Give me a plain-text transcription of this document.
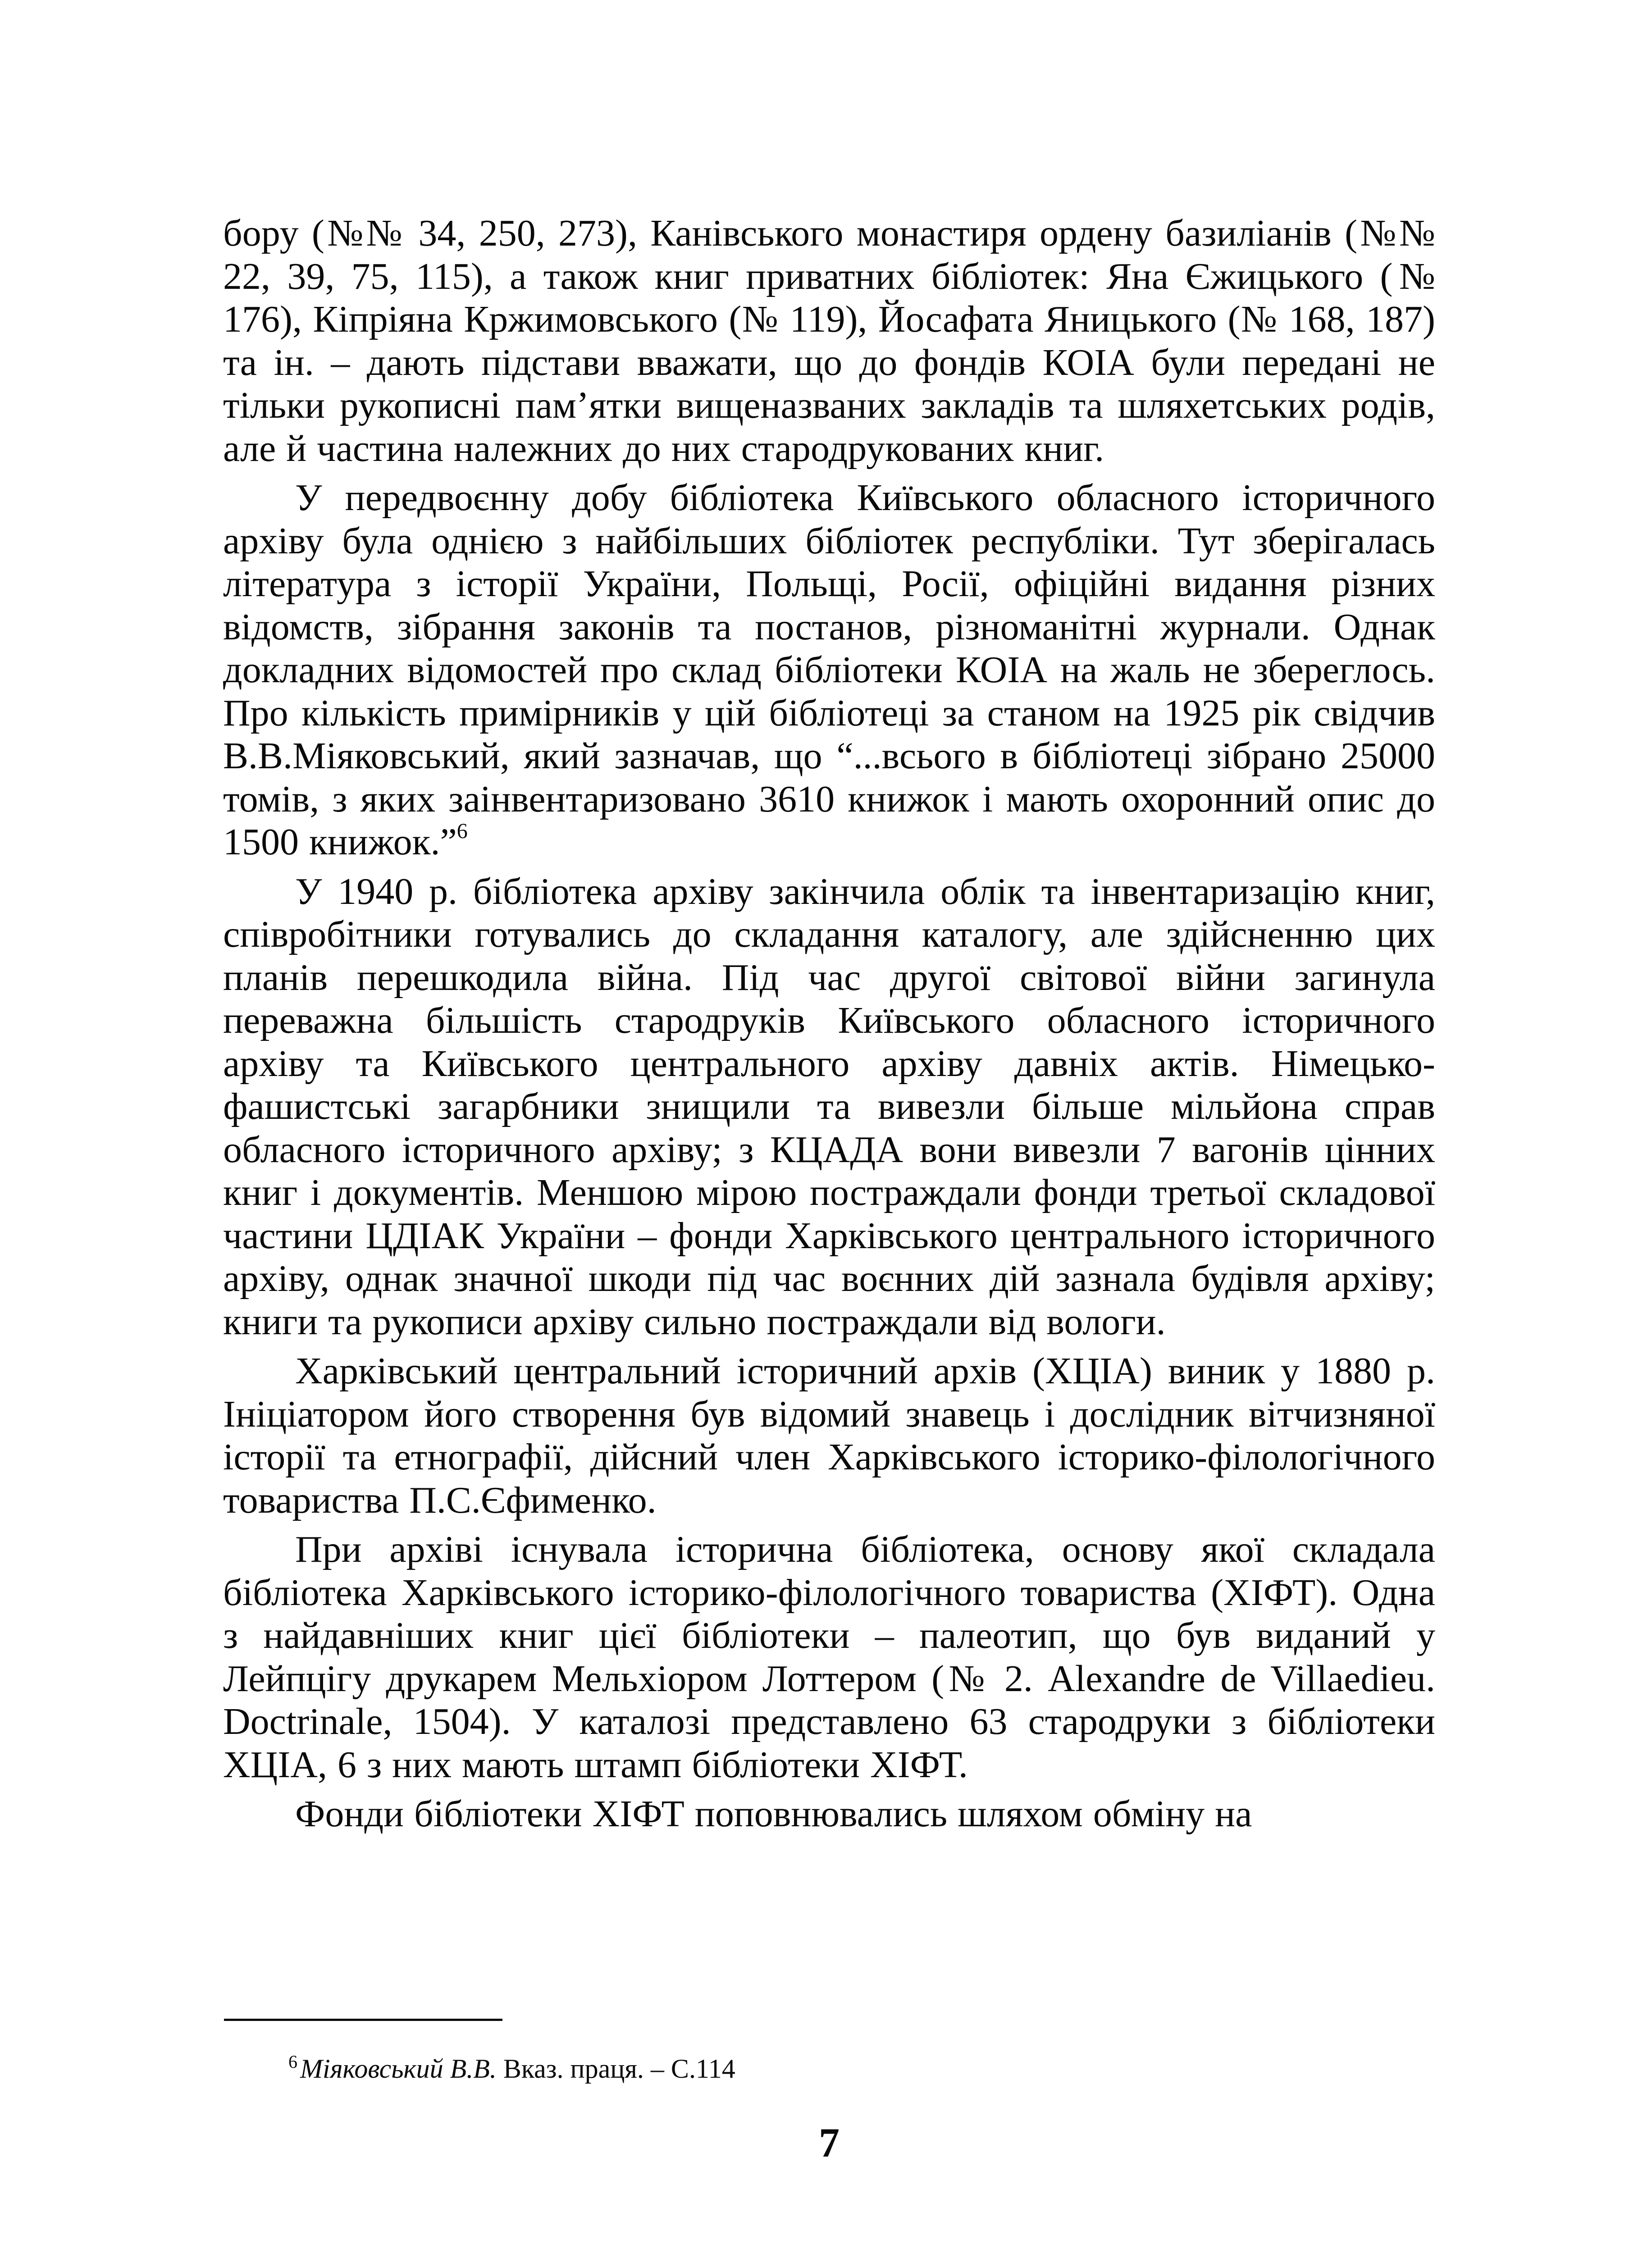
бору (№№ 34, 250, 273), Канівського монастиря ордену базиліанів (№№ 22, 39, 75, 115), а також книг приватних бібліотек: Яна Єжицького (№ 176), Кіпріяна Кржимовського (№ 119), Йосафата Яницького (№ 168, 187) та ін. – дають підстави вважати, що до фондів КОІА були передані не тільки рукописні пам’ятки вищеназваних закладів та шляхетських родів, але й частина належних до них стародрукованих книг.

У передвоєнну добу бібліотека Київського обласного історичного архіву була однією з найбільших бібліотек республіки. Тут зберігалась література з історії України, Польщі, Росії, офіційні видання різних відомств, зібрання законів та постанов, різноманітні журнали. Однак докладних відомостей про склад бібліотеки КОІА на жаль не збереглось. Про кількість примірників у цій бібліотеці за станом на 1925 рік свідчив В.В.Міяковський, який зазначав, що “...всього в бібліотеці зібрано 25000 томів, з яких заінвентаризовано 3610 книжок і мають охоронний опис до 1500 книжок.”$^6$

У 1940 р. бібліотека архіву закінчила облік та інвентаризацію книг, співробітники готувались до складання каталогу, але здійсненню цих планів перешкодила війна. Під час другої світової війни загинула переважна більшість стародруків Київського обласного історичного архіву та Київського центрального архіву давніх актів. Німецько-фашистські загарбники знищили та вивезли більше мільйона справ обласного історичного архіву; з КЦАДА вони вивезли 7 вагонів цінних книг і документів. Меншою мірою постраждали фонди третьої складової частини ЦДІАК України – фонди Харківського центрального історичного архіву, однак значної шкоди під час воєнних дій зазнала будівля архіву; книги та рукописи архіву сильно постраждали від вологи.

Харківський центральний історичний архів (ХЦІА) виник у 1880 р. Ініціатором його створення був відомий знавець і дослідник вітчизняної історії та етнографії, дійсний член Харківського історико-філологічного товариства П.С.Єфименко.

При архіві існувала історична бібліотека, основу якої складала бібліотека Харківського історико-філологічного товариства (ХІФТ). Одна з найдавніших книг цієї бібліотеки – палеотип, що був виданий у Лейпцігу друкарем Мельхіором Лоттером (№ 2. Alexandre de Villaedieu. Doctrinale, 1504). У каталозі представлено 63 стародруки з бібліотеки ХЦІА, 6 з них мають штамп бібліотеки ХІФТ.

Фонди бібліотеки ХІФТ поповнювались шляхом обміну на

$^6$ Міяковський В.В. Вказ. праця. – С.114
7
